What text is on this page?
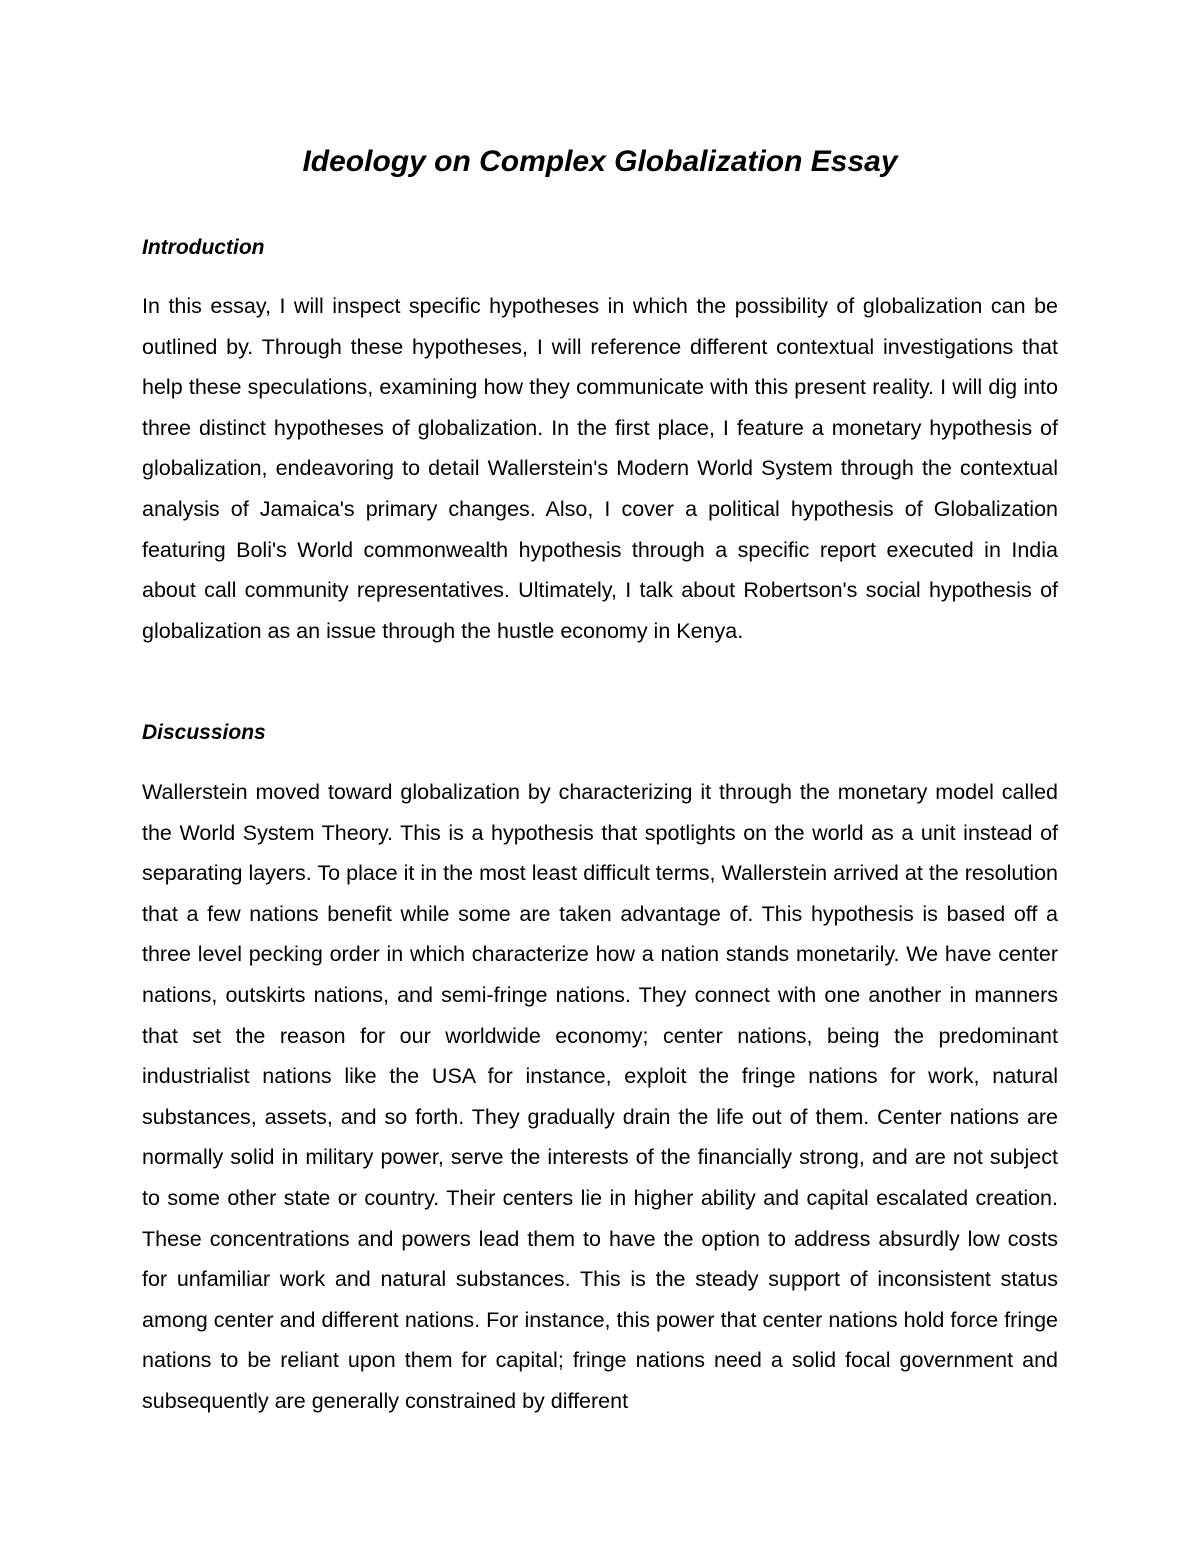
Ideology on Complex Globalization Essay
Introduction

In this essay, I will inspect specific hypotheses in which the possibility of globalization can be outlined by. Through these hypotheses, I will reference different contextual investigations that help these speculations, examining how they communicate with this present reality. I will dig into three distinct hypotheses of globalization. In the first place, I feature a monetary hypothesis of globalization, endeavoring to detail Wallerstein's Modern World System through the contextual analysis of Jamaica's primary changes. Also, I cover a political hypothesis of Globalization featuring Boli's World commonwealth hypothesis through a specific report executed in India about call community representatives. Ultimately, I talk about Robertson's social hypothesis of globalization as an issue through the hustle economy in Kenya.

Discussions

Wallerstein moved toward globalization by characterizing it through the monetary model called the World System Theory. This is a hypothesis that spotlights on the world as a unit instead of separating layers. To place it in the most least difficult terms, Wallerstein arrived at the resolution that a few nations benefit while some are taken advantage of. This hypothesis is based off a three level pecking order in which characterize how a nation stands monetarily. We have center nations, outskirts nations, and semi-fringe nations. They connect with one another in manners that set the reason for our worldwide economy; center nations, being the predominant industrialist nations like the USA for instance, exploit the fringe nations for work, natural substances, assets, and so forth. They gradually drain the life out of them. Center nations are normally solid in military power, serve the interests of the financially strong, and are not subject to some other state or country. Their centers lie in higher ability and capital escalated creation. These concentrations and powers lead them to have the option to address absurdly low costs for unfamiliar work and natural substances. This is the steady support of inconsistent status among center and different nations. For instance, this power that center nations hold force fringe nations to be reliant upon them for capital; fringe nations need a solid focal government and subsequently are generally constrained by different
